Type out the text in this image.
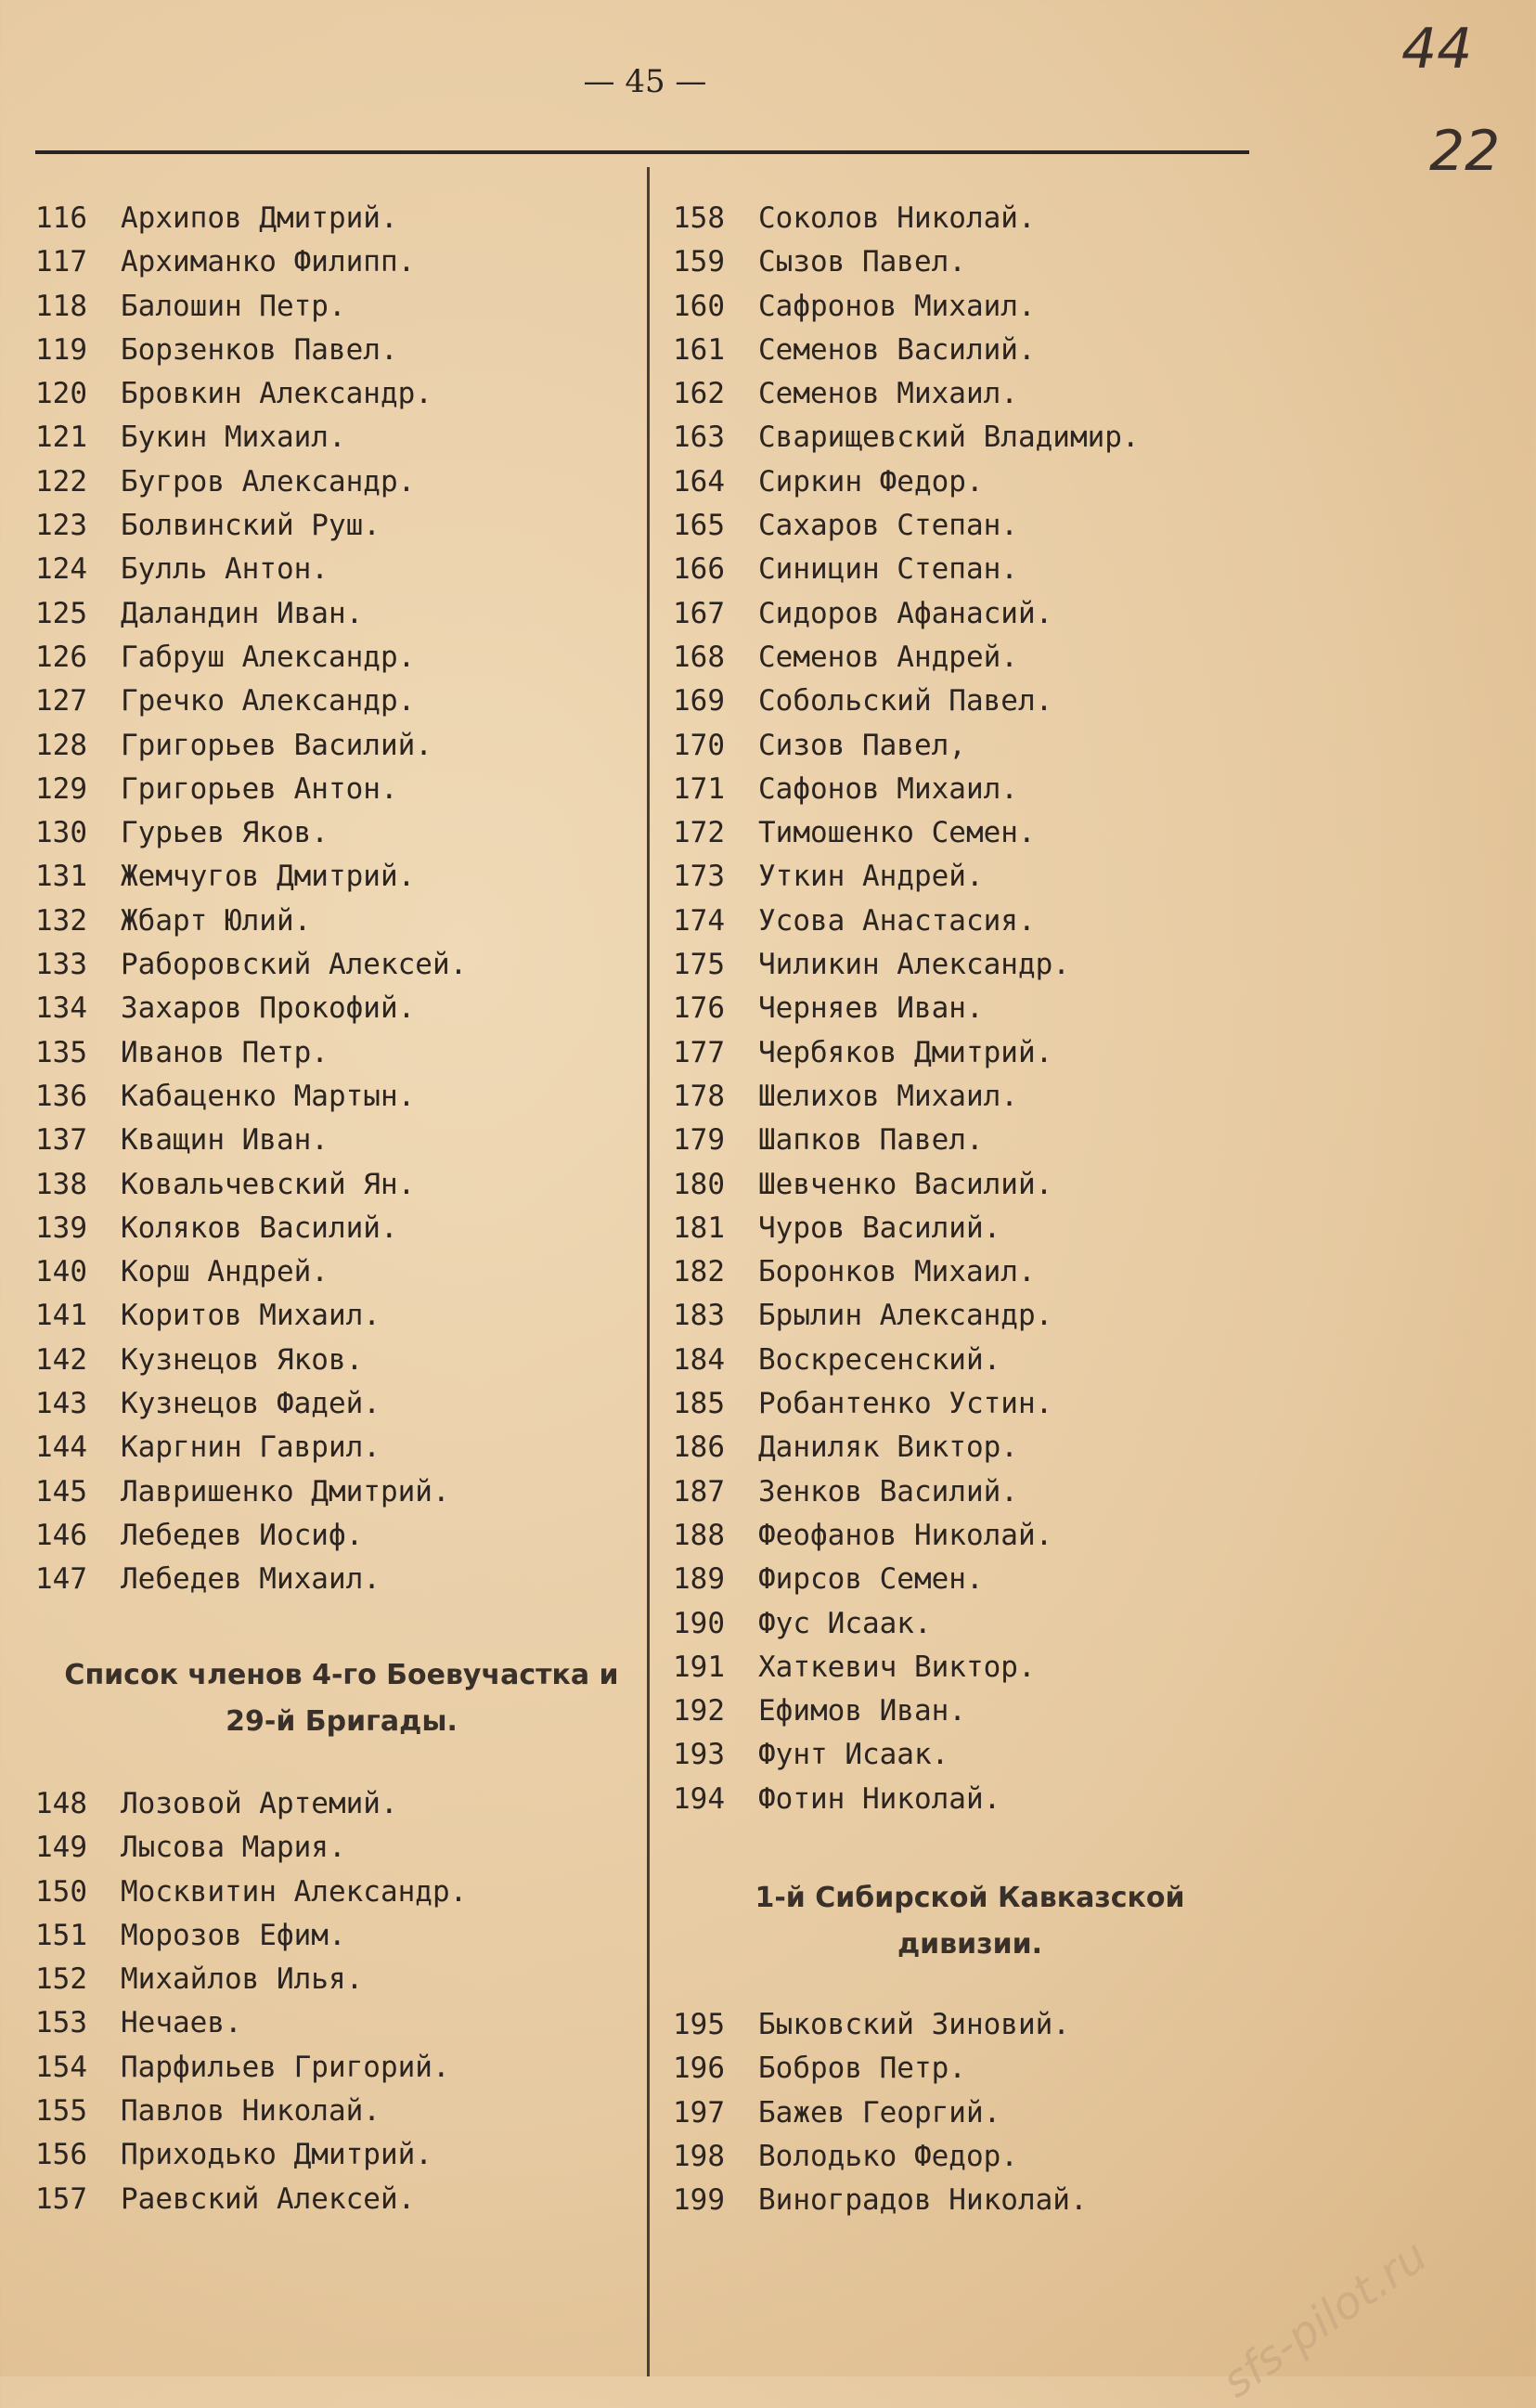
— 45 —	44
22
116 Архипов Дмитрий.
117 Архиманко Филипп.
118 Балошин Петр.
119 Борзенков Павел.
120 Бровкин Александр.
121 Букин Михаил.
122 Бугров Александр.
123 Болвинский Руш.
124 Булль Антон.
125 Даландин Иван.
126 Габруш Александр.
127 Гречко Александр.
128 Григорьев Василий.
129 Григорьев Антон.
130 Гурьев Яков.
131 Жемчугов Дмитрий.
132 Жбарт Юлий.
133 Раборовский Алексей.
134 Захаров Прокофий.
135 Иванов Петр.
136 Кабаценко Мартын.
137 Кващин Иван.
138 Ковальчевский Ян.
139 Коляков Василий.
140 Корш Андрей.
141 Коритов Михаил.
142 Кузнецов Яков.
143 Кузнецов Фадей.
144 Каргнин Гаврил.
145 Лавришенко Дмитрий.
146 Лебедев Иосиф.
147 Лебедев Михаил.
Список членов 4-го Боевучастка и
29-й Бригады.
148 Лозовой Артемий.
149 Лысова Мария.
150 Москвитин Александр.
151 Морозов Ефим.
152 Михайлов Илья.
153 Нечаев.
154 Парфильев Григорий.
155 Павлов Николай.
156 Приходько Дмитрий.
157 Раевский Алексей.
158 Соколов Николай.
159 Сызов Павел.
160 Сафронов Михаил.
161 Семенов Василий.
162 Семенов Михаил.
163 Сварищевский Владимир.
164 Сиркин Федор.
165 Сахаров Степан.
166 Синицин Степан.
167 Сидоров Афанасий.
168 Семенов Андрей.
169 Собольский Павел.
170 Сизов Павел,
171 Сафонов Михаил.
172 Тимошенко Семен.
173 Уткин Андрей.
174 Усова Анастасия.
175 Чиликин Александр.
176 Черняев Иван.
177 Чербяков Дмитрий.
178 Шелихов Михаил.
179 Шапков Павел.
180 Шевченко Василий.
181 Чуров Василий.
182 Боронков Михаил.
183 Брылин Александр.
184 Воскресенский.
185 Робантенко Устин.
186 Даниляк Виктор.
187 Зенков Василий.
188 Феофанов Николай.
189 Фирсов Семен.
190 Фус Исаак.
191 Хаткевич Виктор.
192 Ефимов Иван.
193 Фунт Исаак.
194 Фотин Николай.
1-й Сибирской Кавказской
дивизии.
195 Быковский Зиновий.
196 Бобров Петр.
197 Бажев Георгий.
198 Володько Федор.
199 Виноградов Николай.
sfs-pilot.ru
